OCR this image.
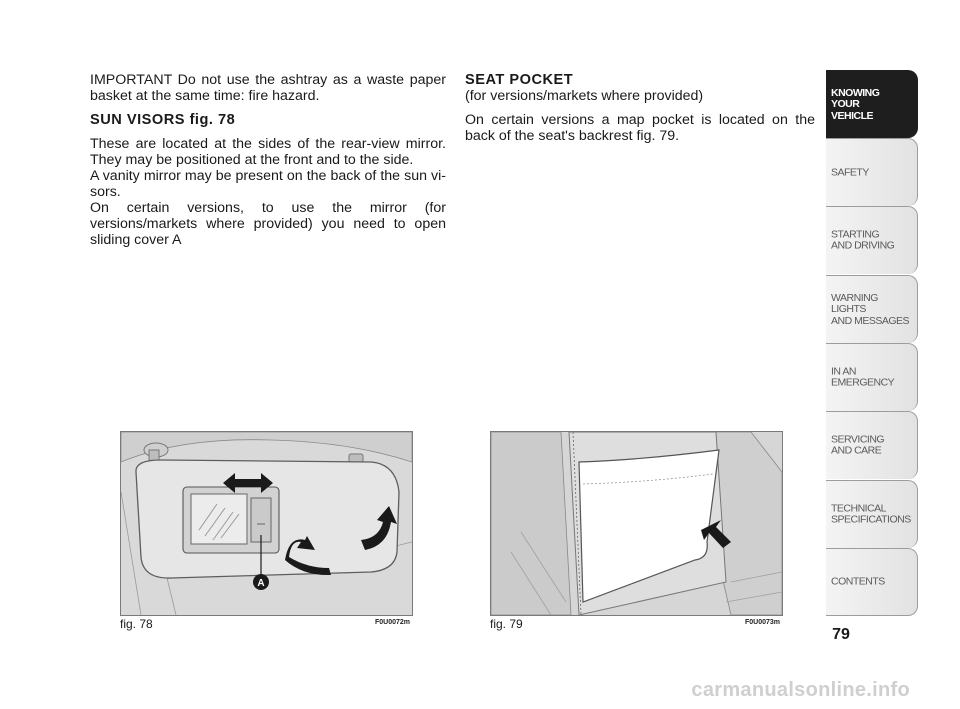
IMPORTANT Do not use the ashtray as a waste paper basket at the same time: fire hazard.

SUN VISORS fig. 78

These are located at the sides of the rear-view mirror. They may be positioned at the front and to the side.

A vanity mirror may be present on the back of the sun vi-sors.

On certain versions, to use the mirror (for versions/markets where provided) you need to open sliding cover A

SEAT POCKET
(for versions/markets where provided)

On certain versions a map pocket is located on the back of the seat's backrest fig. 79.

A
fig. 78	F0U0072m	fig. 79	F0U0073m
KNOWING
YOUR
VEHICLE
SAFETY
STARTING
AND DRIVING
WARNING LIGHTS
AND MESSAGES
IN AN
EMERGENCY
SERVICING
AND CARE
TECHNICAL
SPECIFICATIONS
CONTENTS
79
carmanualsonline.info
